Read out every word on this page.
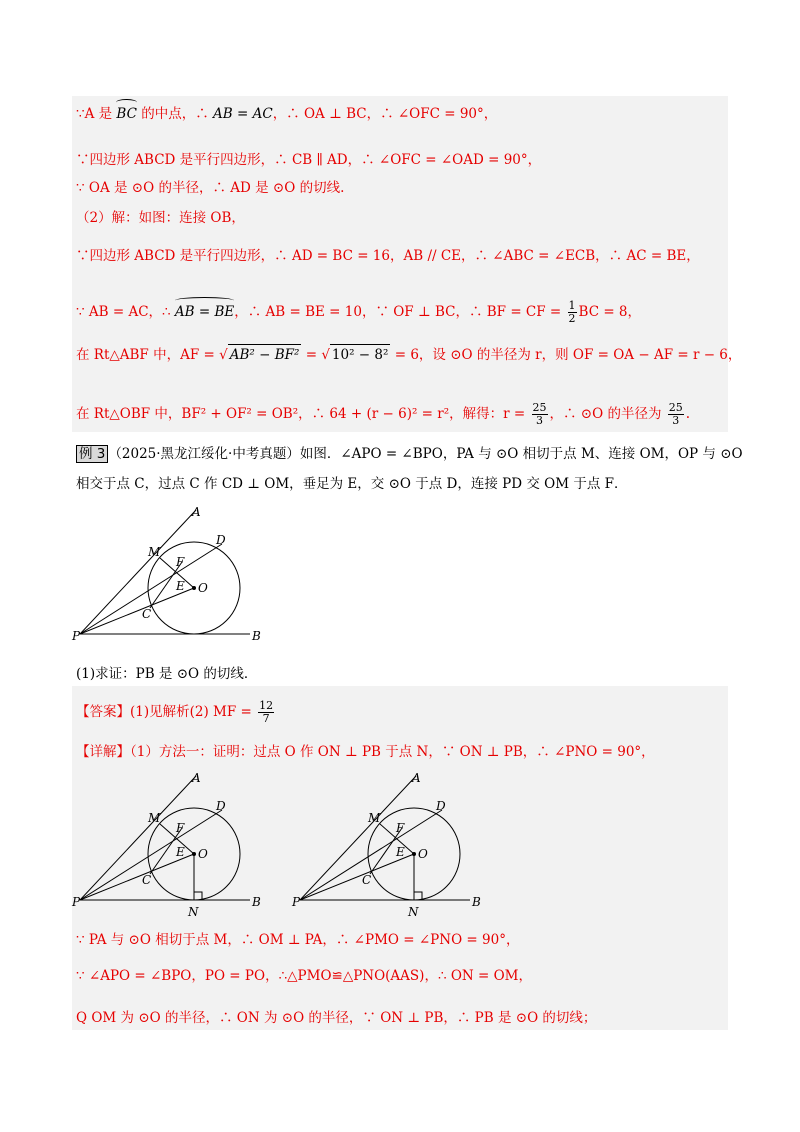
∵A 是 BC 的中点，∴ AB = AC，∴ OA ⊥ BC，∴ ∠OFC = 90°，
∵四边形 ABCD 是平行四边形，∴ CB ∥ AD，∴ ∠OFC = ∠OAD = 90°，
∵ OA 是 ⊙O 的半径，∴ AD 是 ⊙O 的切线.
（2）解：如图：连接 OB，
∵四边形 ABCD 是平行四边形，∴ AD = BC = 16，AB // CE，∴ ∠ABC = ∠ECB，∴ AC = BE，
∵ AB = AC，∴ AB = BE，∴ AB = BE = 10，∵ OF ⊥ BC，∴ BF = CF = $\frac{1}{2}$ BC = 8，
在 Rt△ABF 中，AF = √ AB² − BF² = √ 10² − 8² = 6，设 ⊙O 的半径为 r，则 OF = OA − AF = r − 6，
在 Rt△OBF 中，BF² + OF² = OB²，∴ 64 + (r − 6)² = r²，解得：$r = \frac{25}{3}$ ，∴ ⊙O 的半径为 $\frac{25}{3}$ .
例 3 （2025·黑龙江绥化·中考真题）如图．∠APO = ∠BPO，PA 与 ⊙O 相切于点 M、连接 OM，OP 与 ⊙O
相交于点 C，过点 C 作 CD ⊥ OM，垂足为 E，交 ⊙O 于点 D，连接 PD 交 OM 于点 F．
P	B
A
D
M
F
E O
C
(1)求证：PB 是 ⊙O 的切线．
【答案】(1)见解析(2) MF = $\frac{12}{7}$
【详解】（1）方法一：证明：过点 O 作 ON ⊥ PB 于点 N，∵ ON ⊥ PB，∴ ∠PNO = 90°，
P	B
A
D
M
F
E O
C
N
P	B
A
D
M
F
E O
C
N
∵ PA 与 ⊙O 相切于点 M，∴ OM ⊥ PA，∴ ∠PMO = ∠PNO = 90°，
∵ ∠APO = ∠BPO，PO = PO，∴△PMO≌△PNO(AAS)，∴ ON = OM，
Q OM 为 ⊙O 的半径，∴ ON 为 ⊙O 的半径，∵ ON ⊥ PB，∴ PB 是 ⊙O 的切线；
